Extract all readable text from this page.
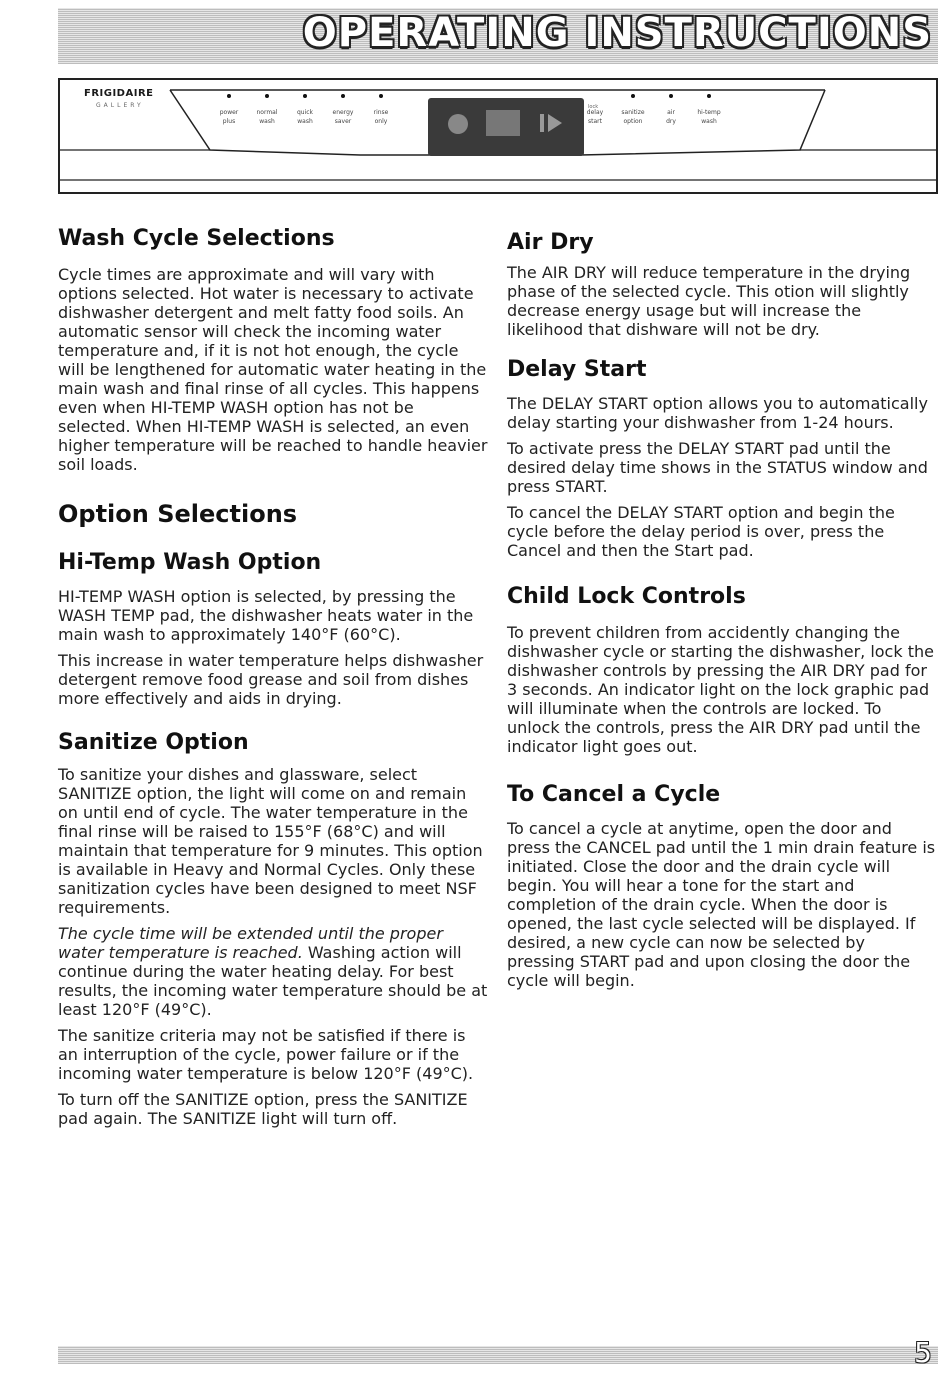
OPERATING INSTRUCTIONS
FRIGIDAIRE
GALLERY
power
plus
normal
wash
quick
wash
energy
saver
rinse
only
lock
delay
start
sanitize
option
air
dry
hi-temp
wash
Wash Cycle Selections

Cycle times are approximate and will vary with options selected. Hot water is necessary to activate dishwasher detergent and melt fatty food soils. An automatic sensor will check the incoming water temperature and, if it is not hot enough, the cycle will be lengthened for automatic water heating in the main wash and final rinse of all cycles. This happens even when HI-TEMP WASH option has not be selected. When HI-TEMP WASH is selected, an even higher temperature will be reached to handle heavier soil loads.

Option Selections
Hi-Temp Wash Option

HI-TEMP WASH option is selected, by pressing the WASH TEMP pad, the dishwasher heats water in the main wash to approximately 140°F (60°C).

This increase in water temperature helps dishwasher detergent remove food grease and soil from dishes more effectively and aids in drying.

Sanitize Option

To sanitize your dishes and glassware, select SANITIZE option, the light will come on and remain on until end of cycle. The water temperature in the final rinse will be raised to 155°F (68°C) and will maintain that temperature for 9 minutes. This option is available in Heavy and Normal Cycles. Only these sanitization cycles have been designed to meet NSF requirements.

The cycle time will be extended until the proper water temperature is reached. Washing action will continue during the water heating delay. For best results, the incoming water temperature should be at least 120°F (49°C).

The sanitize criteria may not be satisfied if there is an interruption of the cycle, power failure or if the incoming water temperature is below 120°F (49°C).

To turn off the SANITIZE option, press the SANITIZE pad again. The SANITIZE light will turn off.

Air Dry

The AIR DRY will reduce temperature in the drying phase of the selected cycle. This otion will slightly decrease energy usage but will increase the likelihood that dishware will not be dry.

Delay Start

The DELAY START option allows you to automatically delay starting your dishwasher from 1-24 hours.

To activate press the DELAY START pad until the desired delay time shows in the STATUS window and press START.

To cancel the DELAY START option and begin the cycle before the delay period is over, press the Cancel and then the Start pad.

Child Lock Controls

To prevent children from accidently changing the dishwasher cycle or starting the dishwasher, lock the dishwasher controls by pressing the AIR DRY pad for 3 seconds. An indicator light on the lock graphic pad will illuminate when the controls are locked. To unlock the controls, press the AIR DRY pad until the indicator light goes out.

To Cancel a Cycle

To cancel a cycle at anytime, open the door and press the CANCEL pad until the 1 min drain feature is initiated. Close the door and the drain cycle will begin. You will hear a tone for the start and completion of the drain cycle. When the door is opened, the last cycle selected will be displayed. If desired, a new cycle can now be selected by pressing START pad and upon closing the door the cycle will begin.

5
